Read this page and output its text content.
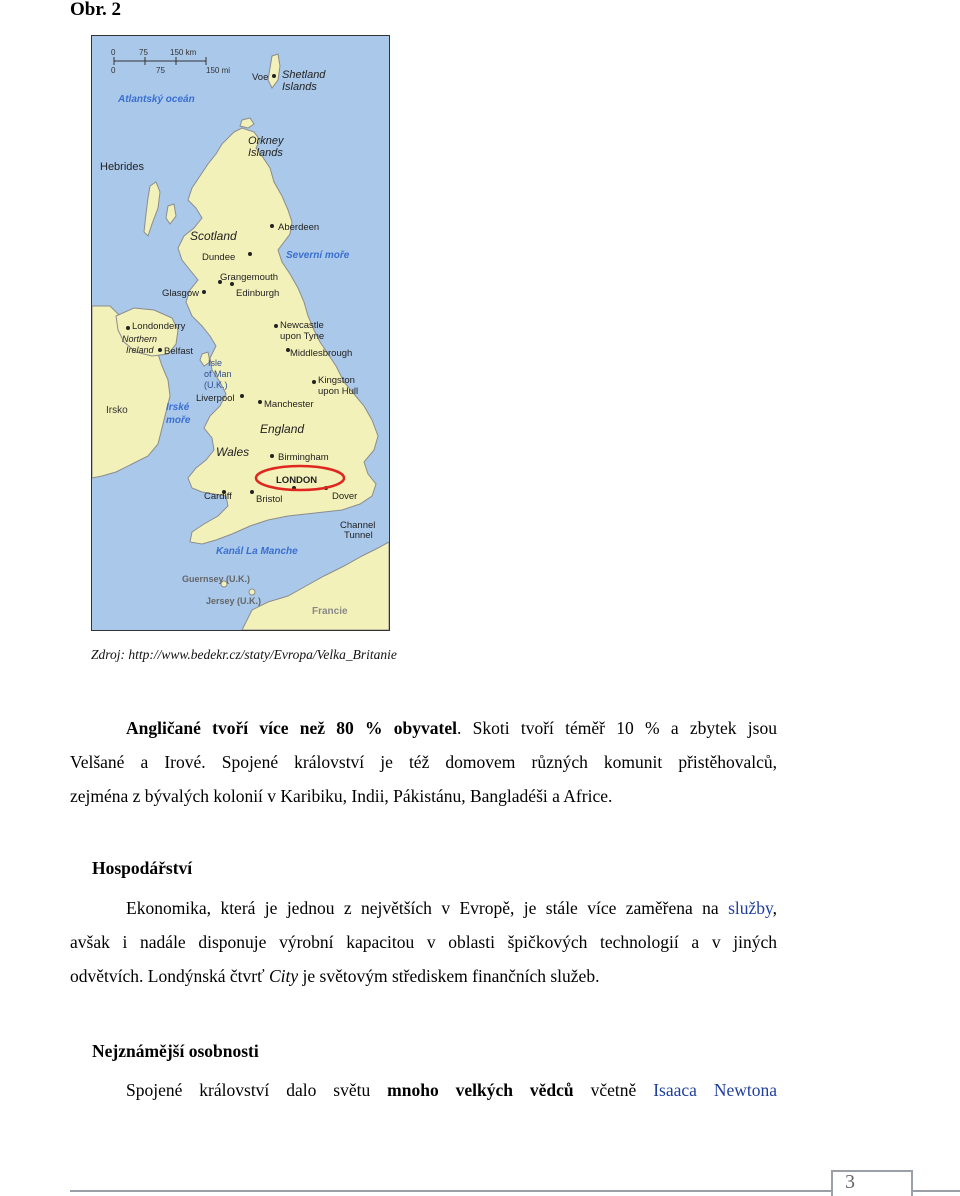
Obr. 2
0	75	150 km
0	75	150 mi
Atlantský oceán
Severní moře
Irské
moře
Kanál La Manche
Shetland
Islands
Orkney
Islands
Hebrides
Scotland
Northern
Ireland
Isle
of Man
(U.K.)
Irsko
England
Wales
Francie
Guernsey (U.K.)
Jersey (U.K.)
Voe
Aberdeen
Dundee
Grangemouth
Glasgow	Edinburgh
Londonderry
Belfast
Newcastle
upon Tyne
Middlesbrough
Kingston
upon Hull
Liverpool
Manchester
Birmingham
LONDON
Cardiff	Bristol	Dover
Channel
Tunnel
Zdroj: http://www.bedekr.cz/staty/Evropa/Velka_Britanie
Angličané tvoří více než 80 % obyvatel. Skoti tvoří téměř 10 % a zbytek jsou
Velšané a Irové. Spojené království je též domovem různých komunit přistěhovalců,
zejména z bývalých kolonií v Karibiku, Indii, Pákistánu, Bangladéši a Africe.
Hospodářství
Ekonomika, která je jednou z největších v Evropě, je stále více zaměřena na služby,
avšak i nadále disponuje výrobní kapacitou v oblasti špičkových technologií a v jiných
odvětvích. Londýnská čtvrť City je světovým střediskem finančních služeb.
Nejznámější osobnosti
Spojené království dalo světu mnoho velkých vědců včetně Isaaca Newtona
3
